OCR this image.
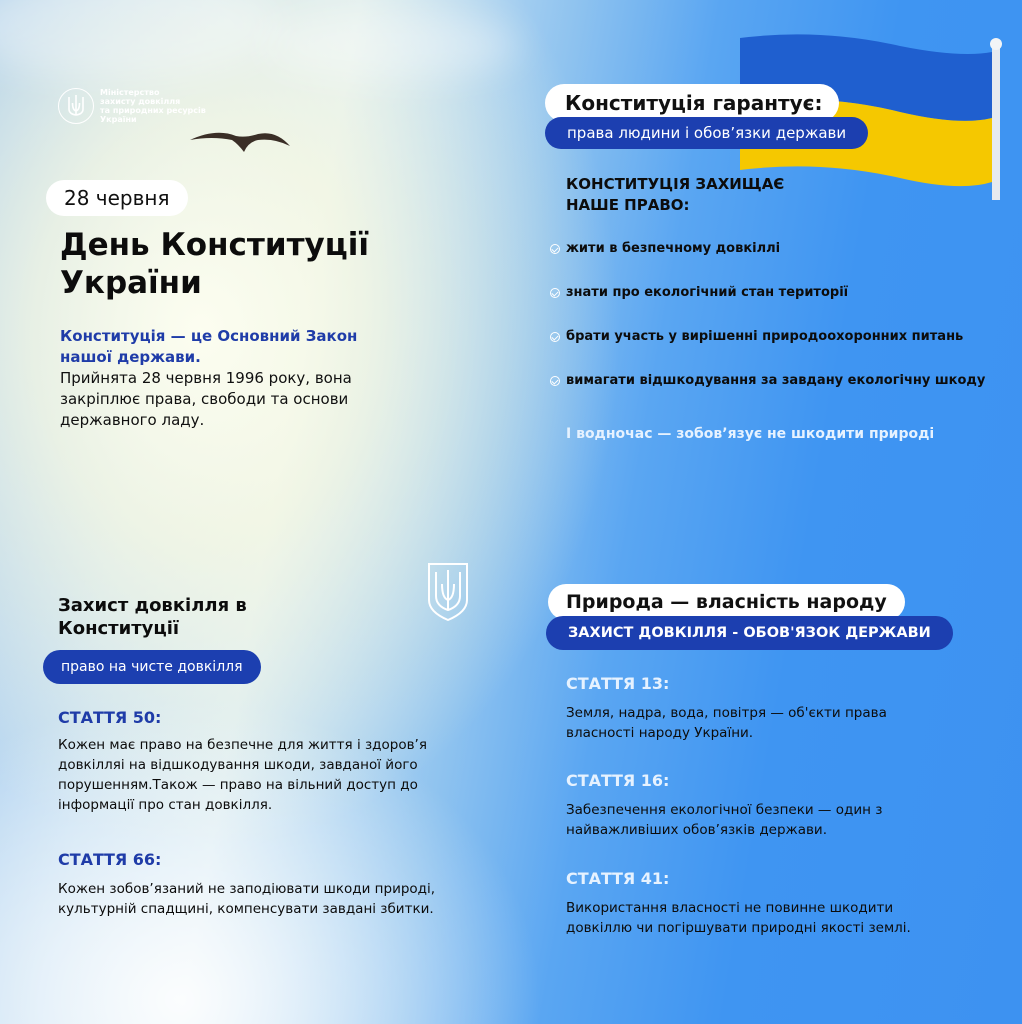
Міністерство
захисту довкілля
та природних ресурсів
України
28 червня
День Конституції України
Конституція — це Основний Закон нашої держави.
Прийнята 28 червня 1996 року, вона закріплює права, свободи та основи державного ладу.
Конституція гарантує:
права людини і обов’язки держави
КОНСТИТУЦІЯ ЗАХИЩАЄ НАШЕ ПРАВО:
жити в безпечному довкіллі
знати про екологічний стан території
брати участь у вирішенні природоохоронних питань
вимагати відшкодування за завдану екологічну шкоду
І водночас — зобов’язує не шкодити природі
Захист довкілля в Конституції
право на чисте довкілля
СТАТТЯ 50:
Кожен має право на безпечне для життя і здоров’я довкілляі на відшкодування шкоди, завданої його порушенням.Також — право на вільний доступ до інформації про стан довкілля.
СТАТТЯ 66:
Кожен зобов’язаний не заподіювати шкоди природі, культурній спадщині, компенсувати завдані збитки.
Природа — власність народу
ЗАХИСТ ДОВКІЛЛЯ - ОБОВ'ЯЗОК ДЕРЖАВИ
СТАТТЯ 13:
Земля, надра, вода, повітря — об'єкти права власності народу України.
СТАТТЯ 16:
Забезпечення екологічної безпеки — один з найважливіших обов’язків держави.
СТАТТЯ 41:
Використання власності не повинне шкодити довкіллю чи погіршувати природні якості землі.
